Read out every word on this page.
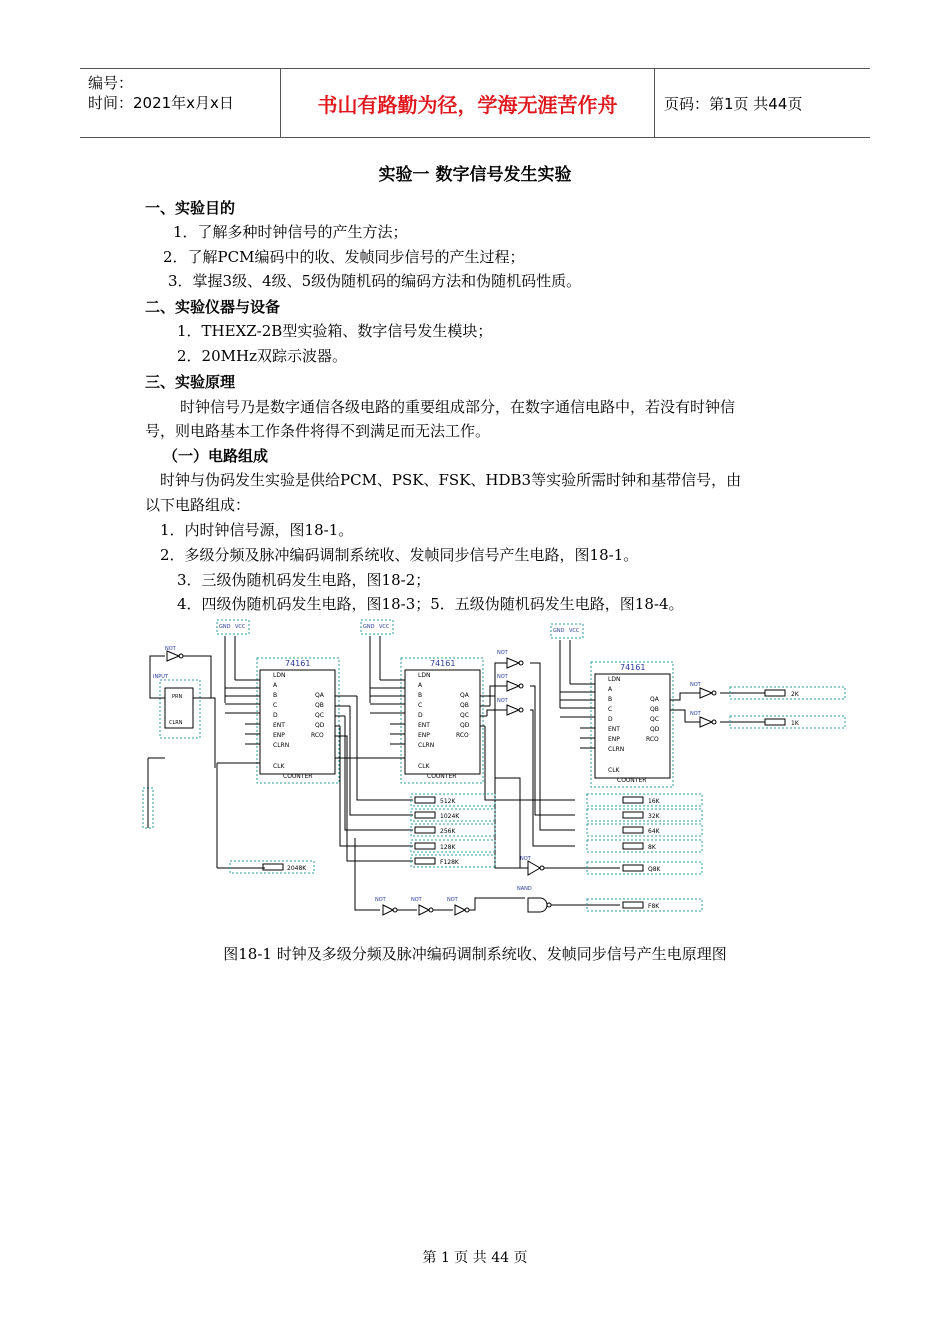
编号：
时间：2021年x月x日	书山有路勤为径，学海无涯苦作舟	页码：第1页 共44页
实验一 数字信号发生实验
一、实验目的
1．了解多种时钟信号的产生方法；
2．了解PCM编码中的收、发帧同步信号的产生过程；
3．掌握3级、4级、5级伪随机码的编码方法和伪随机码性质。
二、实验仪器与设备
1．THEXZ-2B型实验箱、数字信号发生模块；
2．20MHz双踪示波器。
三、实验原理
时钟信号乃是数字通信各级电路的重要组成部分，在数字通信电路中，若没有时钟信
号，则电路基本工作条件将得不到满足而无法工作。
（一）电路组成
时钟与伪码发生实验是供给PCM、PSK、FSK、HDB3等实验所需时钟和基带信号，由
以下电路组成：
1．内时钟信号源，图18-1。
2．多级分频及脉冲编码调制系统收、发帧同步信号产生电路，图18-1。
3．三级伪随机码发生电路，图18-2；
4．四级伪随机码发生电路，图18-3；5．五级伪随机码发生电路，图18-4。
74161	74161	74161
COUNTER	COUNTER
COUNTER
LDN
A
B
C
D
ENT
ENP
CLRN
CLK
QA
QB
QC
QD
RCO
LDN
A
B
C
D
ENT
ENP
CLRN
CLK
QA
QB
QC
QD
RCO
LDN
A
B
C
D
ENT
ENP
CLRN
CLK
QA
QB
QC
QD
RCO
PRN
CLRN
GND VCC	GND VCC
GND VCC
NOT
NOT
NOT
NOT
NOT
NOT
NOT
NOT	NOT	NOT
NAND
INPUT
512K
1024K
256K
128K
F128K
2048K
16K
32K
64K
8K
Q8K
F8K
2K
1K
图18-1 时钟及多级分频及脉冲编码调制系统收、发帧同步信号产生电原理图
第 1 页 共 44 页
